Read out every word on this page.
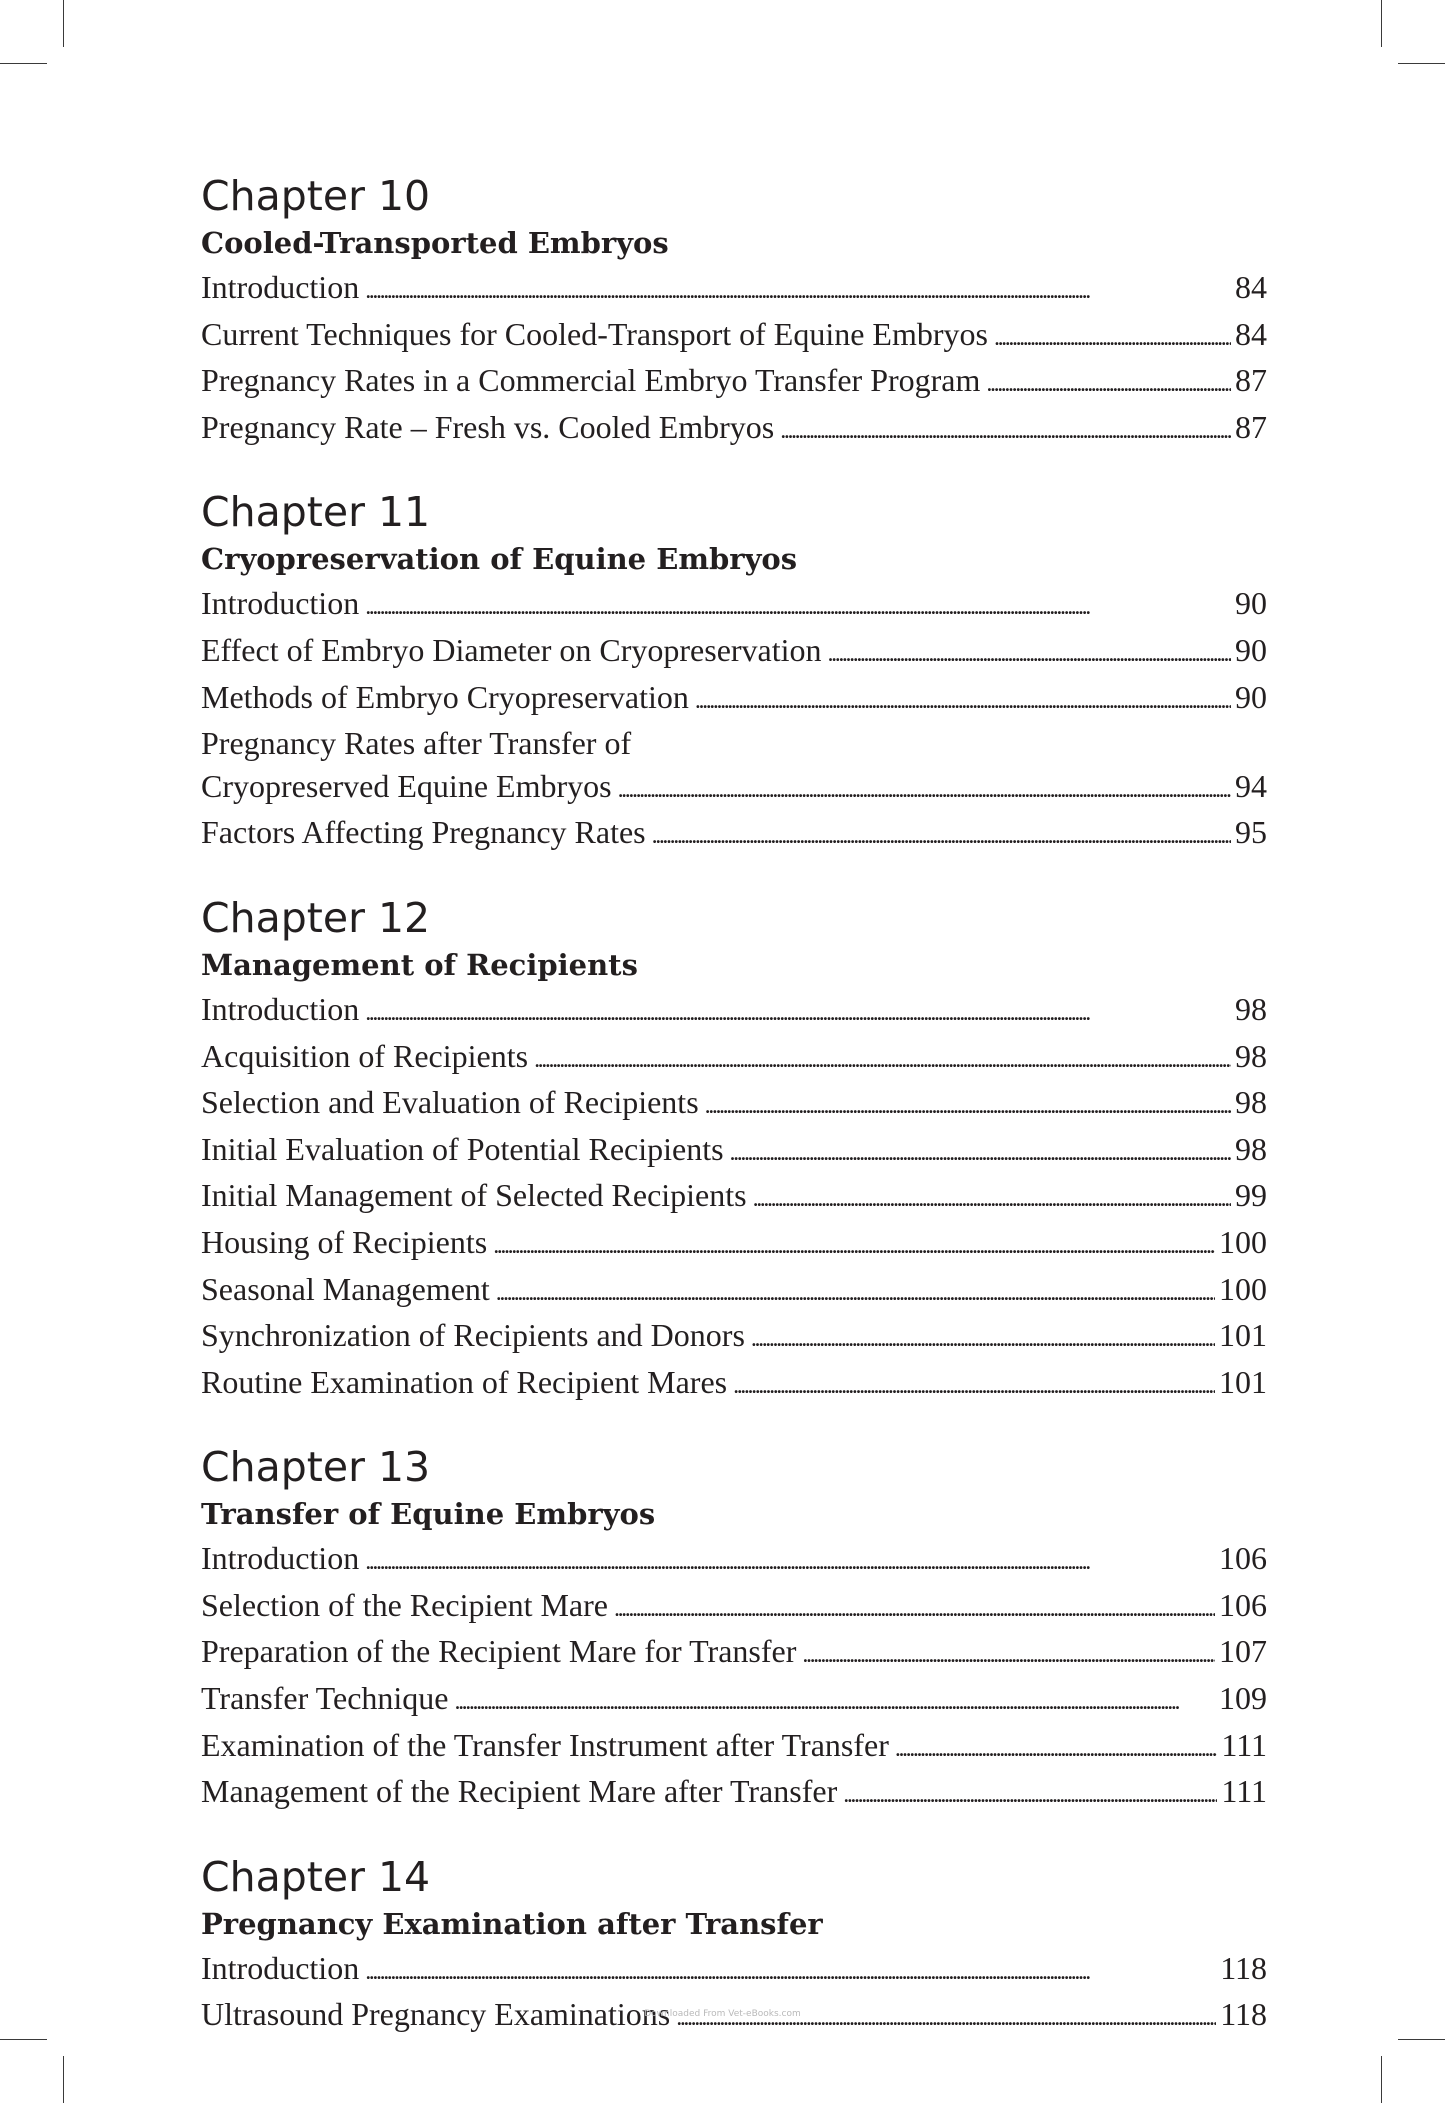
Chapter 10
Cooled-Transported Embryos
Introduction . . .	84
Current Techniques for Cooled-Transport of Equine Embryos . . .	84
Pregnancy Rates in a Commercial Embryo Transfer Program . . .	87
Pregnancy Rate – Fresh vs. Cooled Embryos . . .	87
Chapter 11
Cryopreservation of Equine Embryos
Introduction . . .	90
Effect of Embryo Diameter on Cryopreservation . . .	90
Methods of Embryo Cryopreservation . . .	90
Pregnancy Rates after Transfer of
Cryopreserved Equine Embryos . . .	94
Factors Affecting Pregnancy Rates . . .	95
Chapter 12
Management of Recipients
Introduction . . .	98
Acquisition of Recipients . . .	98
Selection and Evaluation of Recipients . . .	98
Initial Evaluation of Potential Recipients . . .	98
Initial Management of Selected Recipients . . .	99
Housing of Recipients . . .	100
Seasonal Management . . .	100
Synchronization of Recipients and Donors . . .	101
Routine Examination of Recipient Mares . . .	101
Chapter 13
Transfer of Equine Embryos
Introduction . . .	106
Selection of the Recipient Mare . . .	106
Preparation of the Recipient Mare for Transfer . . .	107
Transfer Technique . . .	109
Examination of the Transfer Instrument after Transfer . . .	111
Management of the Recipient Mare after Transfer . . .	111
Chapter 14
Pregnancy Examination after Transfer
Introduction . . .	118
Ultrasound Pregnancy Examinations . . .	118
Downloaded From Vet-eBooks.com
